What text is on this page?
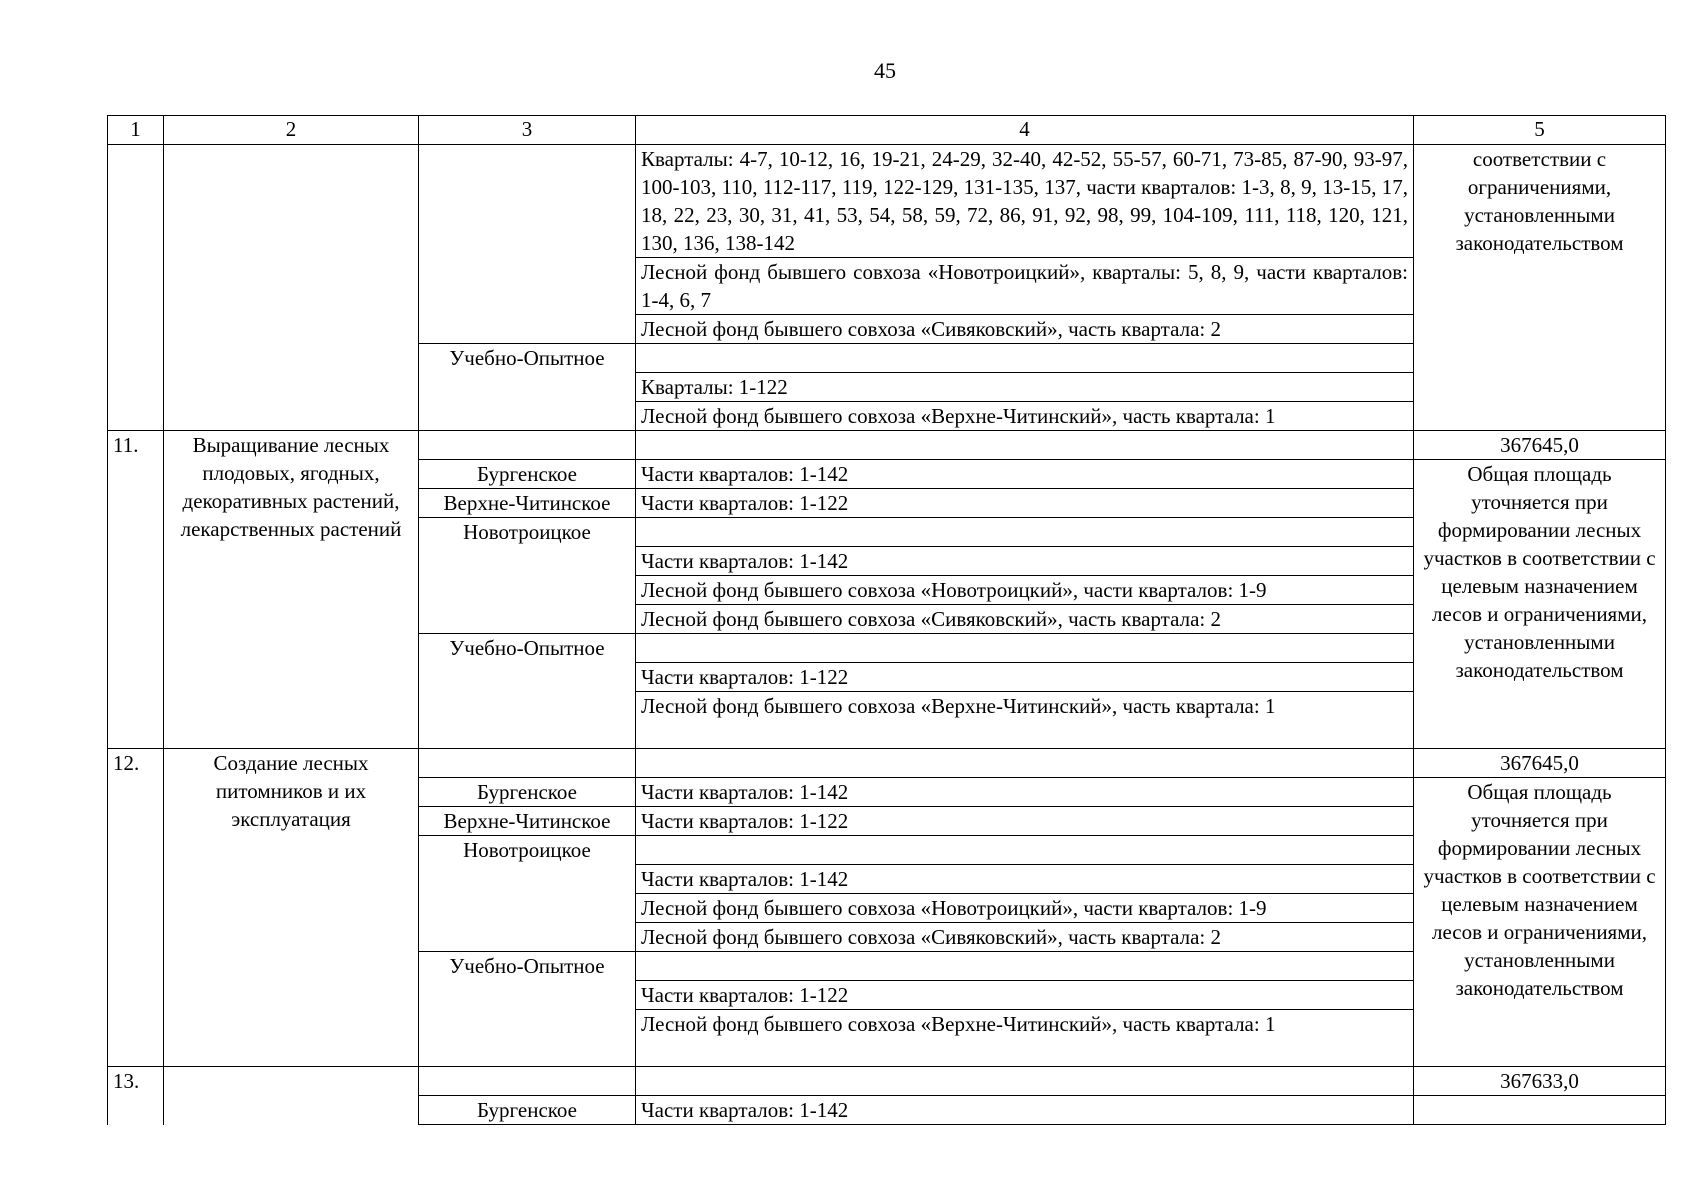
45
1	2	3	4	5
			Кварталы: 4-7, 10-12, 16, 19-21, 24-29, 32-40, 42-52, 55-57, 60-71, 73-85, 87-90, 93-97, 100-103, 110, 112-117, 119, 122-129, 131-135, 137, части кварталов: 1-3, 8, 9, 13-15, 17, 18, 22, 23, 30, 31, 41, 53, 54, 58, 59, 72, 86, 91, 92, 98, 99, 104-109, 111, 118, 120, 121, 130, 136, 138-142	соответствии с ограничениями, установленными законодательством
			Лесной фонд бывшего совхоза «Новотроицкий», кварталы: 5, 8, 9, части кварталов: 1-4, 6, 7	
			Лесной фонд бывшего совхоза «Сивяковский», часть квартала: 2	
		Учебно-Опытное		
			Кварталы: 1-122	
			Лесной фонд бывшего совхоза «Верхне-Читинский», часть квартала: 1	
11.	Выращивание лесных плодовых, ягодных, декоративных растений, лекарственных растений			367645,0
		Бургенское	Части кварталов: 1-142	Общая площадь уточняется при формировании лесных участков в соответствии с целевым назначением лесов и ограничениями, установленными законодательством
		Верхне-Читинское	Части кварталов: 1-122	
		Новотроицкое		
			Части кварталов: 1-142	
			Лесной фонд бывшего совхоза «Новотроицкий», части кварталов: 1-9	
			Лесной фонд бывшего совхоза «Сивяковский», часть квартала: 2	
		Учебно-Опытное		
			Части кварталов: 1-122	
			Лесной фонд бывшего совхоза «Верхне-Читинский», часть квартала: 1	
12.	Создание лесных питомников и их эксплуатация			367645,0
		Бургенское	Части кварталов: 1-142	Общая площадь уточняется при формировании лесных участков в соответствии с целевым назначением лесов и ограничениями, установленными законодательством
		Верхне-Читинское	Части кварталов: 1-122	
		Новотроицкое		
			Части кварталов: 1-142	
			Лесной фонд бывшего совхоза «Новотроицкий», части кварталов: 1-9	
			Лесной фонд бывшего совхоза «Сивяковский», часть квартала: 2	
		Учебно-Опытное		
			Части кварталов: 1-122	
			Лесной фонд бывшего совхоза «Верхне-Читинский», часть квартала: 1	
13.				367633,0
		Бургенское	Части кварталов: 1-142	
